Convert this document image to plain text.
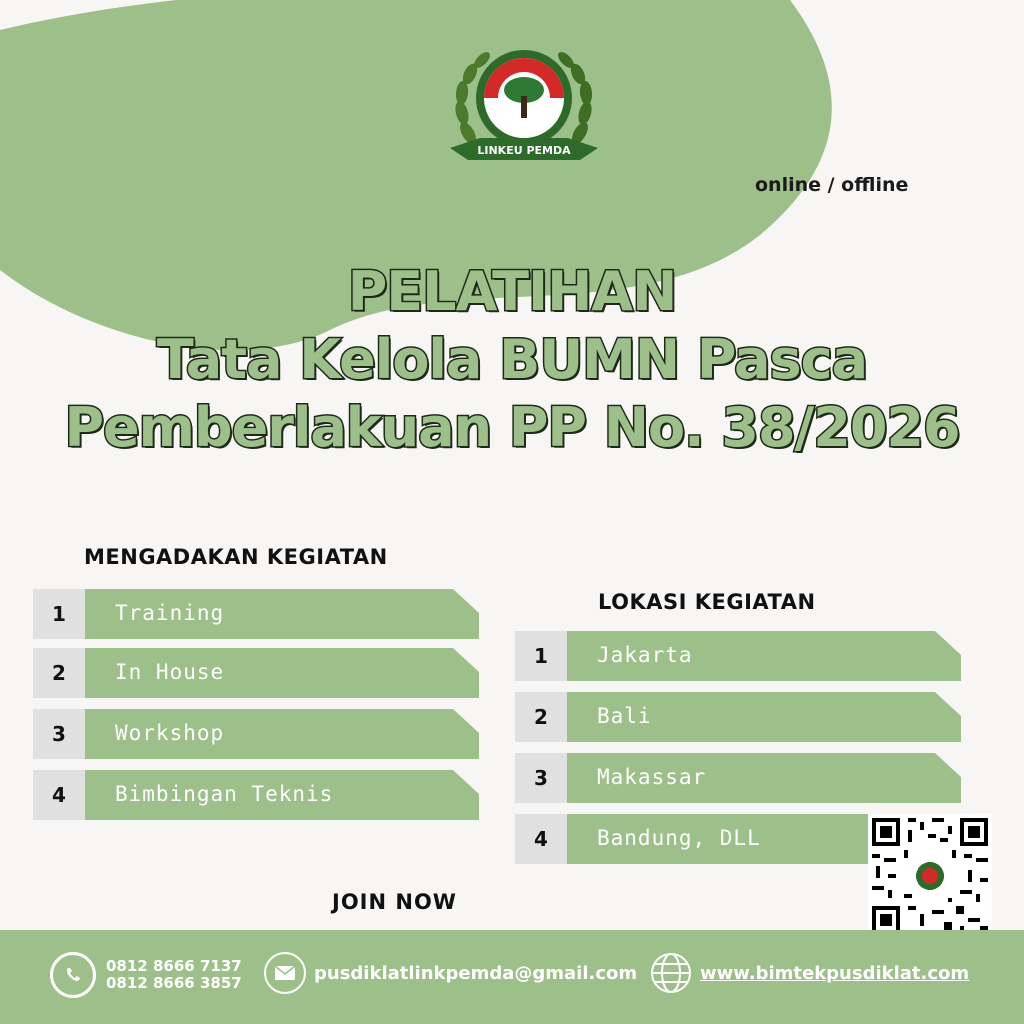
LINKEU PEMDA
online / offline
PELATIHAN
Tata Kelola BUMN Pasca
Pemberlakuan PP No. 38/2026
MENGADAKAN KEGIATAN
1	Training
2	In House
3	Workshop
4	Bimbingan Teknis
LOKASI KEGIATAN
1	Jakarta
2	Bali
3	Makassar
4	Bandung, DLL
JOIN NOW
0812 8666 7137
0812 8666 3857	pusdiklatlinkpemda@gmail.com	www.bimtekpusdiklat.com
